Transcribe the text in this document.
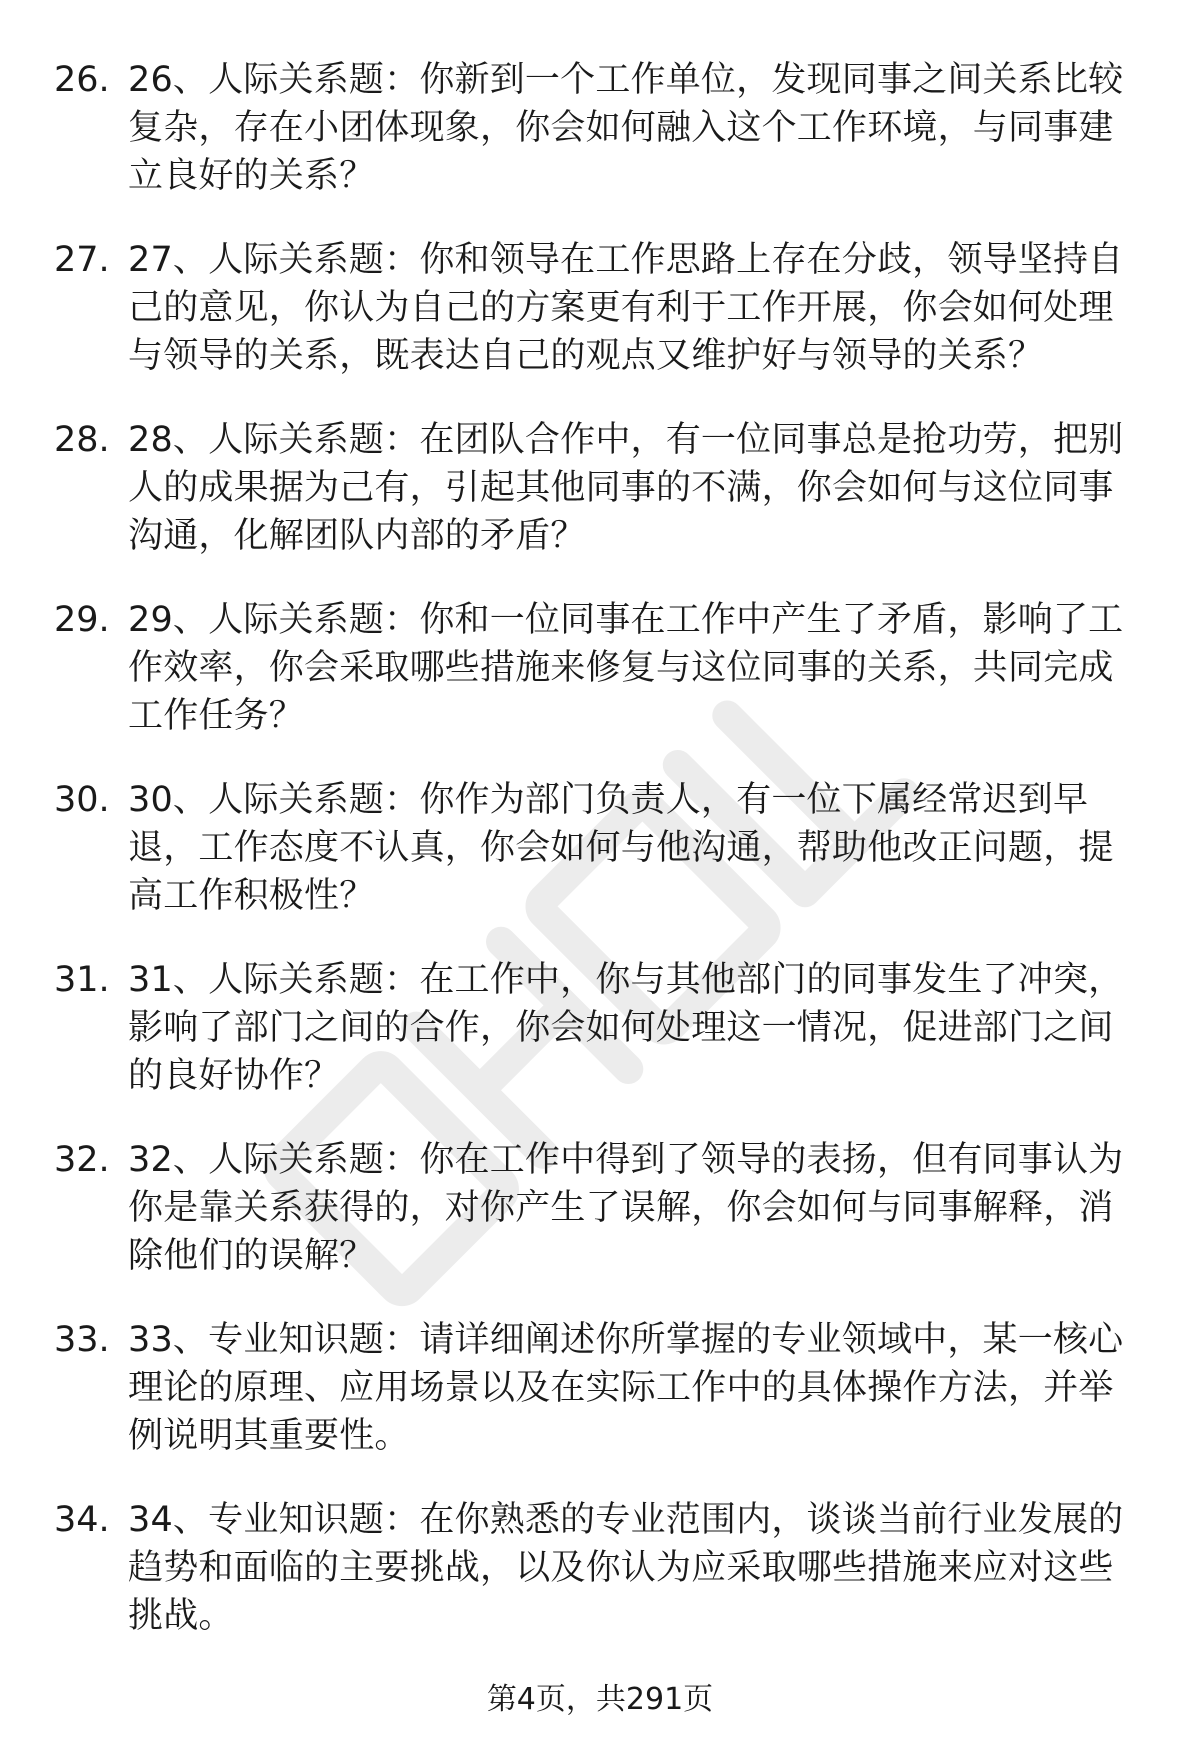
26. 26、人际关系题：你新到一个工作单位，发现同事之间关系比较复杂，存在小团体现象，你会如何融入这个工作环境，与同事建立良好的关系？
27. 27、人际关系题：你和领导在工作思路上存在分歧，领导坚持自己的意见，你认为自己的方案更有利于工作开展，你会如何处理与领导的关系，既表达自己的观点又维护好与领导的关系？
28. 28、人际关系题：在团队合作中，有一位同事总是抢功劳，把别人的成果据为己有，引起其他同事的不满，你会如何与这位同事沟通，化解团队内部的矛盾？
29. 29、人际关系题：你和一位同事在工作中产生了矛盾，影响了工作效率，你会采取哪些措施来修复与这位同事的关系，共同完成工作任务？
30. 30、人际关系题：你作为部门负责人，有一位下属经常迟到早退，工作态度不认真，你会如何与他沟通，帮助他改正问题，提高工作积极性？
31. 31、人际关系题：在工作中，你与其他部门的同事发生了冲突，影响了部门之间的合作，你会如何处理这一情况，促进部门之间的良好协作？
32. 32、人际关系题：你在工作中得到了领导的表扬，但有同事认为你是靠关系获得的，对你产生了误解，你会如何与同事解释，消除他们的误解？
33. 33、专业知识题：请详细阐述你所掌握的专业领域中，某一核心理论的原理、应用场景以及在实际工作中的具体操作方法，并举例说明其重要性。
34. 34、专业知识题：在你熟悉的专业范围内，谈谈当前行业发展的趋势和面临的主要挑战，以及你认为应采取哪些措施来应对这些挑战。
第4页，共291页
